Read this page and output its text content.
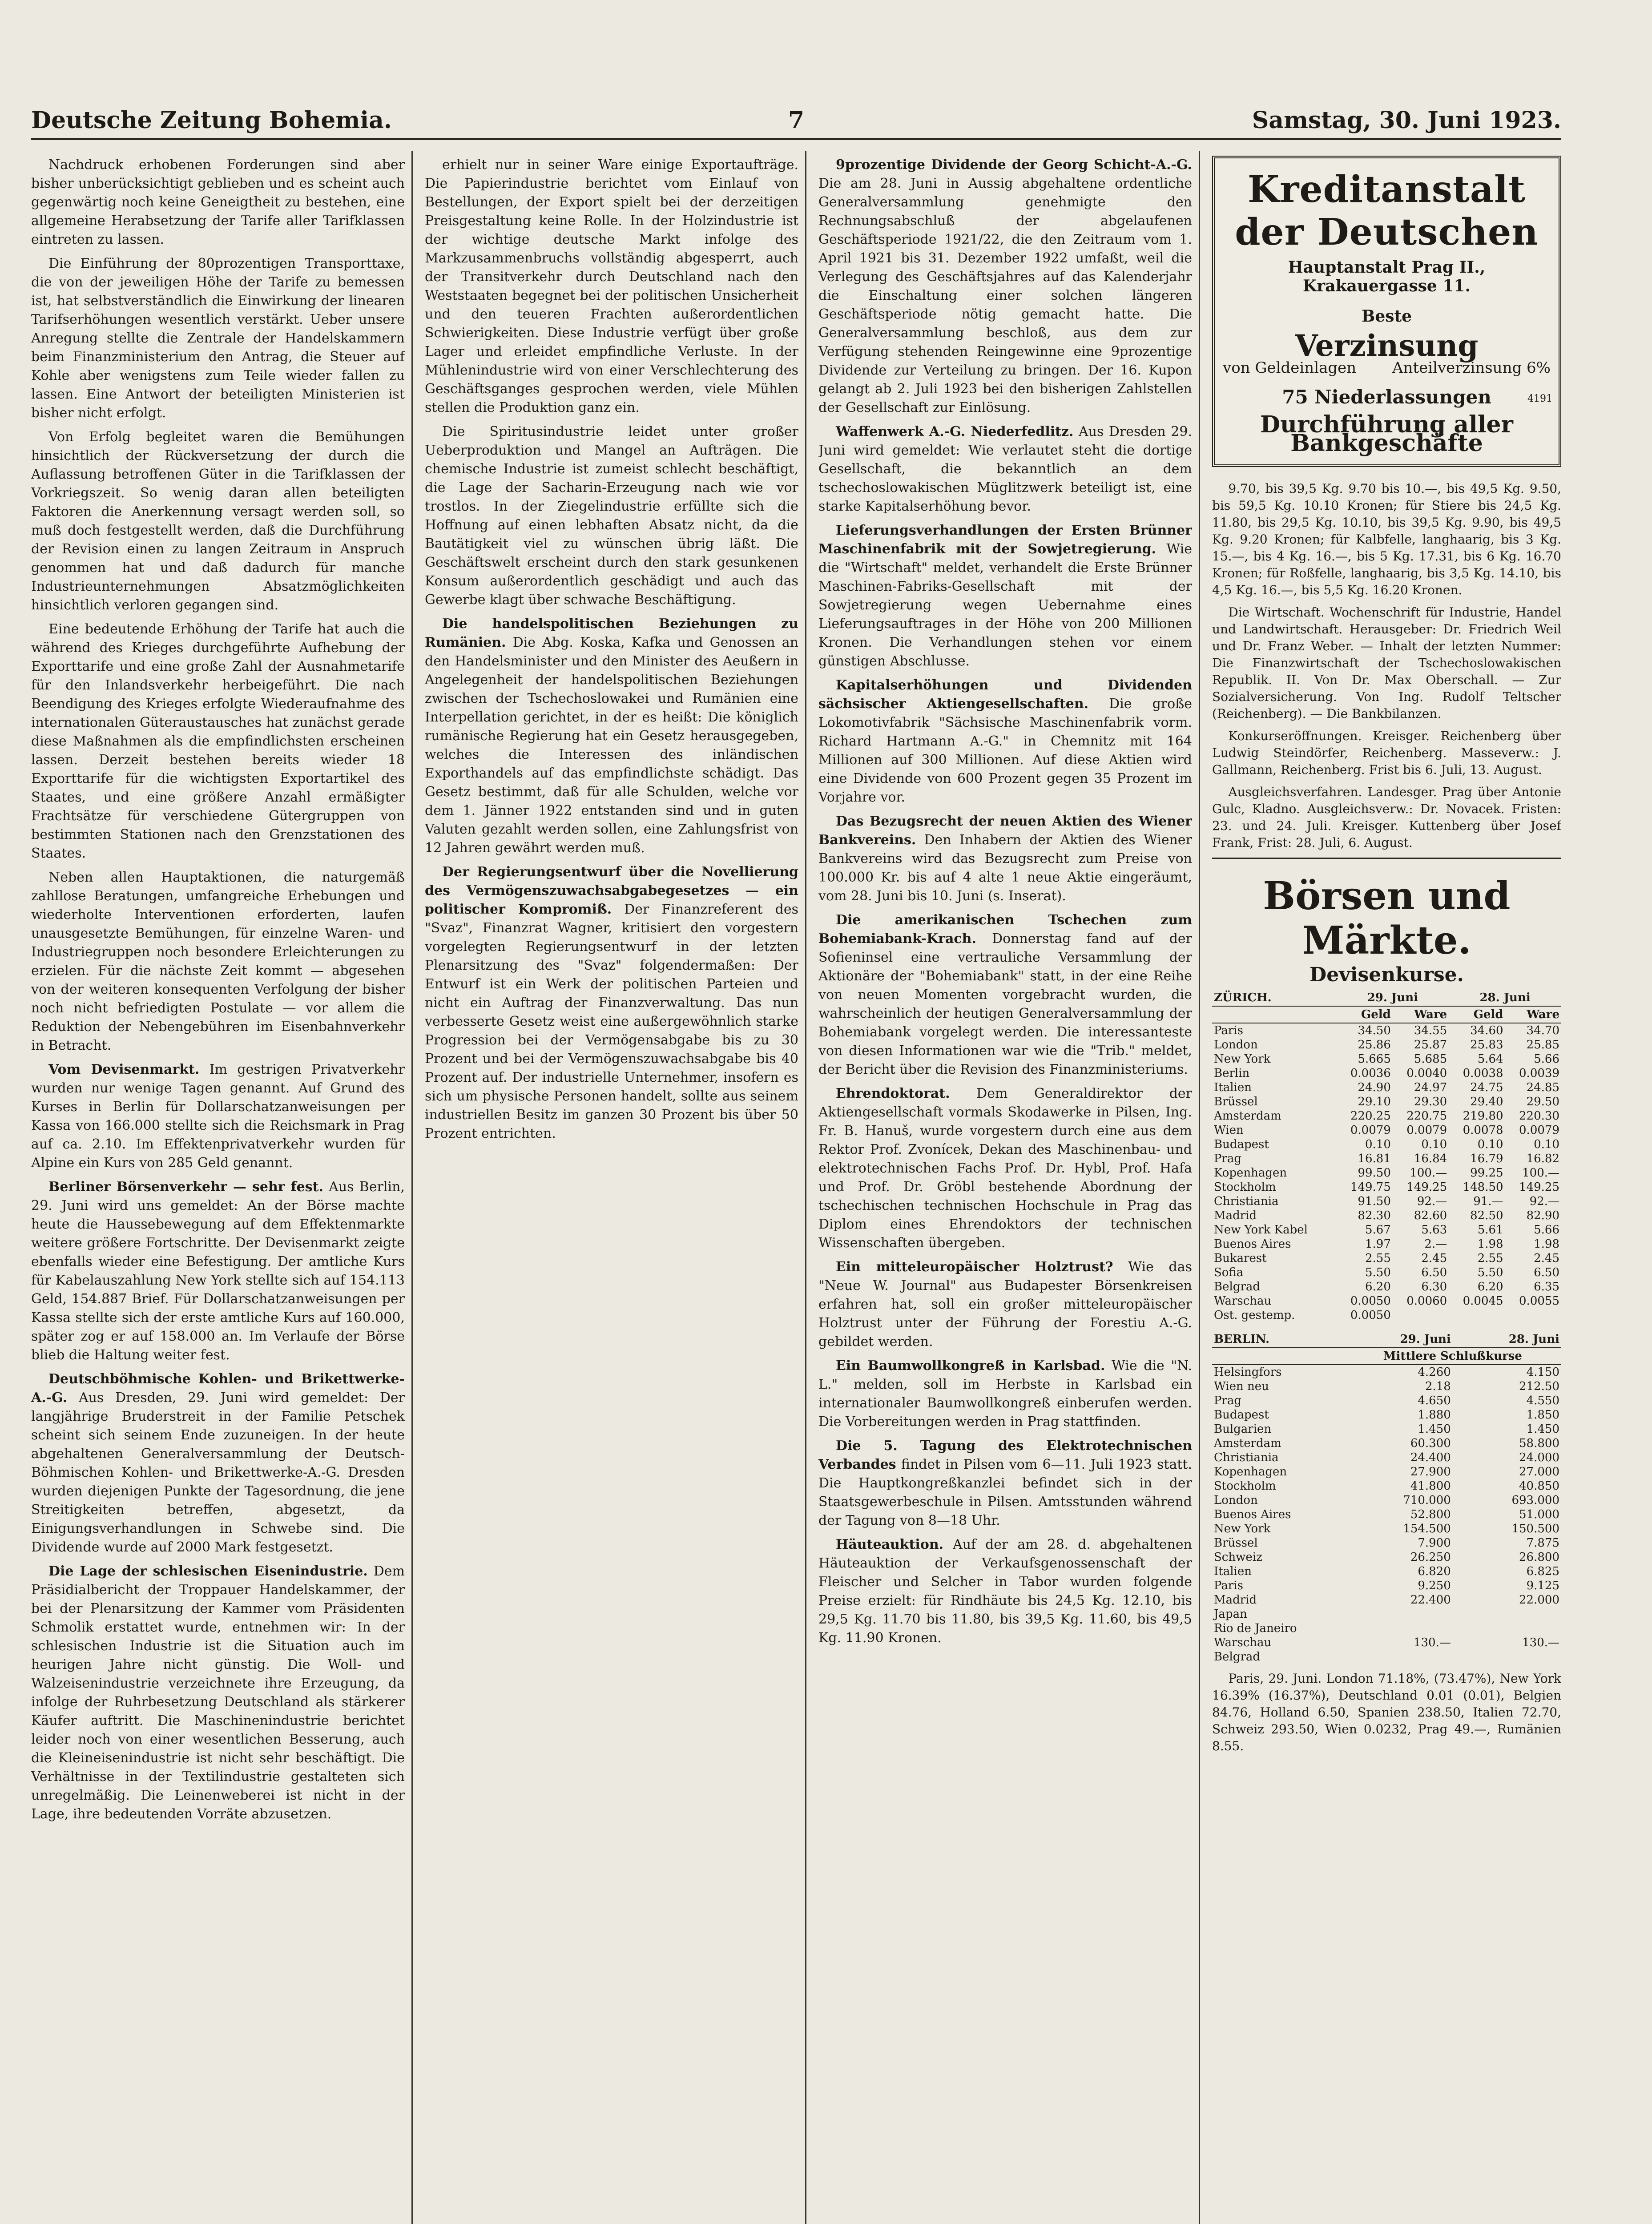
Deutsche Zeitung Bohemia.	7	Samstag, 30. Juni 1923.

Nachdruck erhobenen Forderungen sind aber bisher unberücksichtigt geblieben und es scheint auch gegenwärtig noch keine Geneigtheit zu bestehen, eine allgemeine Herabsetzung der Tarife aller Tarifklassen eintreten zu lassen.

Die Einführung der 80prozentigen Transporttaxe, die von der jeweiligen Höhe der Tarife zu bemessen ist, hat selbstverständlich die Einwirkung der linearen Tarifserhöhungen wesentlich verstärkt. Ueber unsere Anregung stellte die Zentrale der Handelskammern beim Finanzministerium den Antrag, die Steuer auf Kohle aber wenigstens zum Teile wieder fallen zu lassen. Eine Antwort der beteiligten Ministerien ist bisher nicht erfolgt.

Von Erfolg begleitet waren die Bemühungen hinsichtlich der Rückversetzung der durch die Auflassung betroffenen Güter in die Tarifklassen der Vorkriegszeit. So wenig daran allen beteiligten Faktoren die Anerkennung versagt werden soll, so muß doch festgestellt werden, daß die Durchführung der Revision einen zu langen Zeitraum in Anspruch genommen hat und daß dadurch für manche Industrieunternehmungen Absatzmöglichkeiten hinsichtlich verloren gegangen sind.

Eine bedeutende Erhöhung der Tarife hat auch die während des Krieges durchgeführte Aufhebung der Exporttarife und eine große Zahl der Ausnahmetarife für den Inlandsverkehr herbeigeführt. Die nach Beendigung des Krieges erfolgte Wiederaufnahme des internationalen Güteraustausches hat zunächst gerade diese Maßnahmen als die empfindlichsten erscheinen lassen. Derzeit bestehen bereits wieder 18 Exporttarife für die wichtigsten Exportartikel des Staates, und eine größere Anzahl ermäßigter Frachtsätze für verschiedene Gütergruppen von bestimmten Stationen nach den Grenzstationen des Staates.

Neben allen Hauptaktionen, die naturgemäß zahllose Beratungen, umfangreiche Erhebungen und wiederholte Interventionen erforderten, laufen unausgesetzte Bemühungen, für einzelne Waren- und Industriegruppen noch besondere Erleichterungen zu erzielen. Für die nächste Zeit kommt — abgesehen von der weiteren konsequenten Verfolgung der bisher noch nicht befriedigten Postulate — vor allem die Reduktion der Nebengebühren im Eisenbahnverkehr in Betracht.

Vom Devisenmarkt. Im gestrigen Privatverkehr wurden nur wenige Tagen genannt. Auf Grund des Kurses in Berlin für Dollarschatzanweisungen per Kassa von 166.000 stellte sich die Reichsmark in Prag auf ca. 2.10. Im Effektenprivatverkehr wurden für Alpine ein Kurs von 285 Geld genannt.

Berliner Börsenverkehr — sehr fest. Aus Berlin, 29. Juni wird uns gemeldet: An der Börse machte heute die Haussebewegung auf dem Effektenmarkte weitere größere Fortschritte. Der Devisenmarkt zeigte ebenfalls wieder eine Befestigung. Der amtliche Kurs für Kabelauszahlung New York stellte sich auf 154.113 Geld, 154.887 Brief. Für Dollarschatzanweisungen per Kassa stellte sich der erste amtliche Kurs auf 160.000, später zog er auf 158.000 an. Im Verlaufe der Börse blieb die Haltung weiter fest.

Deutschböhmische Kohlen- und Brikettwerke-A.-G. Aus Dresden, 29. Juni wird gemeldet: Der langjährige Bruderstreit in der Familie Petschek scheint sich seinem Ende zuzuneigen. In der heute abgehaltenen Generalversammlung der Deutsch-Böhmischen Kohlen- und Brikettwerke-A.-G. Dresden wurden diejenigen Punkte der Tagesordnung, die jene Streitigkeiten betreffen, abgesetzt, da Einigungsverhandlungen in Schwebe sind. Die Dividende wurde auf 2000 Mark festgesetzt.

Die Lage der schlesischen Eisenindustrie. Dem Präsidialbericht der Troppauer Handelskammer, der bei der Plenarsitzung der Kammer vom Präsidenten Schmolik erstattet wurde, entnehmen wir: In der schlesischen Industrie ist die Situation auch im heurigen Jahre nicht günstig. Die Woll- und Walzeisenindustrie verzeichnete ihre Erzeugung, da infolge der Ruhrbesetzung Deutschland als stärkerer Käufer auftritt. Die Maschinenindustrie berichtet leider noch von einer wesentlichen Besserung, auch die Kleineisenindustrie ist nicht sehr beschäftigt. Die Verhältnisse in der Textilindustrie gestalteten sich unregelmäßig. Die Leinenweberei ist nicht in der Lage, ihre bedeutenden Vorräte abzusetzen.

erhielt nur in seiner Ware einige Exportaufträge. Die Papierindustrie berichtet vom Einlauf von Bestellungen, der Export spielt bei der derzeitigen Preisgestaltung keine Rolle. In der Holzindustrie ist der wichtige deutsche Markt infolge des Markzusammenbruchs vollständig abgesperrt, auch der Transitverkehr durch Deutschland nach den Weststaaten begegnet bei der politischen Unsicherheit und den teueren Frachten außerordentlichen Schwierigkeiten. Diese Industrie verfügt über große Lager und erleidet empfindliche Verluste. In der Mühlenindustrie wird von einer Verschlechterung des Geschäftsganges gesprochen werden, viele Mühlen stellen die Produktion ganz ein.

Die Spiritusindustrie leidet unter großer Ueberproduktion und Mangel an Aufträgen. Die chemische Industrie ist zumeist schlecht beschäftigt, die Lage der Sacharin-Erzeugung nach wie vor trostlos. In der Ziegelindustrie erfüllte sich die Hoffnung auf einen lebhaften Absatz nicht, da die Bautätigkeit viel zu wünschen übrig läßt. Die Geschäftswelt erscheint durch den stark gesunkenen Konsum außerordentlich geschädigt und auch das Gewerbe klagt über schwache Beschäftigung.

Die handelspolitischen Beziehungen zu Rumänien. Die Abg. Koska, Kafka und Genossen an den Handelsminister und den Minister des Aeußern in Angelegenheit der handelspolitischen Beziehungen zwischen der Tschechoslowakei und Rumänien eine Interpellation gerichtet, in der es heißt: Die königlich rumänische Regierung hat ein Gesetz herausgegeben, welches die Interessen des inländischen Exporthandels auf das empfindlichste schädigt. Das Gesetz bestimmt, daß für alle Schulden, welche vor dem 1. Jänner 1922 entstanden sind und in guten Valuten gezahlt werden sollen, eine Zahlungsfrist von 12 Jahren gewährt werden muß.

Der Regierungsentwurf über die Novellierung des Vermögenszuwachsabgabegesetzes — ein politischer Kompromiß. Der Finanzreferent des "Svaz", Finanzrat Wagner, kritisiert den vorgestern vorgelegten Regierungsentwurf in der letzten Plenarsitzung des "Svaz" folgendermaßen: Der Entwurf ist ein Werk der politischen Parteien und nicht ein Auftrag der Finanzverwaltung. Das nun verbesserte Gesetz weist eine außergewöhnlich starke Progression bei der Vermögensabgabe bis zu 30 Prozent und bei der Vermögenszuwachsabgabe bis 40 Prozent auf. Der industrielle Unternehmer, insofern es sich um physische Personen handelt, sollte aus seinem industriellen Besitz im ganzen 30 Prozent bis über 50 Prozent entrichten.

9prozentige Dividende der Georg Schicht-A.-G. Die am 28. Juni in Aussig abgehaltene ordentliche Generalversammlung genehmigte den Rechnungsabschluß der abgelaufenen Geschäftsperiode 1921/22, die den Zeitraum vom 1. April 1921 bis 31. Dezember 1922 umfaßt, weil die Verlegung des Geschäftsjahres auf das Kalenderjahr die Einschaltung einer solchen längeren Geschäftsperiode nötig gemacht hatte. Die Generalversammlung beschloß, aus dem zur Verfügung stehenden Reingewinne eine 9prozentige Dividende zur Verteilung zu bringen. Der 16. Kupon gelangt ab 2. Juli 1923 bei den bisherigen Zahlstellen der Gesellschaft zur Einlösung.

Waffenwerk A.-G. Niederfedlitz. Aus Dresden 29. Juni wird gemeldet: Wie verlautet steht die dortige Gesellschaft, die bekanntlich an dem tschechoslowakischen Müglitzwerk beteiligt ist, eine starke Kapitalserhöhung bevor.

Lieferungsverhandlungen der Ersten Brünner Maschinenfabrik mit der Sowjetregierung. Wie die "Wirtschaft" meldet, verhandelt die Erste Brünner Maschinen-Fabriks-Gesellschaft mit der Sowjetregierung wegen Uebernahme eines Lieferungsauftrages in der Höhe von 200 Millionen Kronen. Die Verhandlungen stehen vor einem günstigen Abschlusse.

Kapitalserhöhungen und Dividenden sächsischer Aktiengesellschaften. Die große Lokomotivfabrik "Sächsische Maschinenfabrik vorm. Richard Hartmann A.-G." in Chemnitz mit 164 Millionen auf 300 Millionen. Auf diese Aktien wird eine Dividende von 600 Prozent gegen 35 Prozent im Vorjahre vor.

Das Bezugsrecht der neuen Aktien des Wiener Bankvereins. Den Inhabern der Aktien des Wiener Bankvereins wird das Bezugsrecht zum Preise von 100.000 Kr. bis auf 4 alte 1 neue Aktie eingeräumt, vom 28. Juni bis 10. Juni (s. Inserat).

Die amerikanischen Tschechen zum Bohemiabank-Krach. Donnerstag fand auf der Sofieninsel eine vertrauliche Versammlung der Aktionäre der "Bohemiabank" statt, in der eine Reihe von neuen Momenten vorgebracht wurden, die wahrscheinlich der heutigen Generalversammlung der Bohemiabank vorgelegt werden. Die interessanteste von diesen Informationen war wie die "Trib." meldet, der Bericht über die Revision des Finanzministeriums.

Ehrendoktorat. Dem Generaldirektor der Aktiengesellschaft vormals Skodawerke in Pilsen, Ing. Fr. B. Hanuš, wurde vorgestern durch eine aus dem Rektor Prof. Zvonícek, Dekan des Maschinenbau- und elektrotechnischen Fachs Prof. Dr. Hybl, Prof. Hafa und Prof. Dr. Gröbl bestehende Abordnung der tschechischen technischen Hochschule in Prag das Diplom eines Ehrendoktors der technischen Wissenschaften übergeben.

Ein mitteleuropäischer Holztrust? Wie das "Neue W. Journal" aus Budapester Börsenkreisen erfahren hat, soll ein großer mitteleuropäischer Holztrust unter der Führung der Forestiu A.-G. gebildet werden.

Ein Baumwollkongreß in Karlsbad. Wie die "N. L." melden, soll im Herbste in Karlsbad ein internationaler Baumwollkongreß einberufen werden. Die Vorbereitungen werden in Prag stattfinden.

Die 5. Tagung des Elektrotechnischen Verbandes findet in Pilsen vom 6—11. Juli 1923 statt. Die Hauptkongreßkanzlei befindet sich in der Staatsgewerbeschule in Pilsen. Amtsstunden während der Tagung von 8—18 Uhr.

Häuteauktion. Auf der am 28. d. abgehaltenen Häuteauktion der Verkaufsgenossenschaft der Fleischer und Selcher in Tabor wurden folgende Preise erzielt: für Rindhäute bis 24,5 Kg. 12.10, bis 29,5 Kg. 11.70 bis 11.80, bis 39,5 Kg. 11.60, bis 49,5 Kg. 11.90 Kronen.

Kreditanstalt der Deutschen
Hauptanstalt Prag II., Krakauergasse 11.
Beste
Verzinsung
von Geldeinlagen Anteilverzinsung 6%
75 Niederlassungen
Durchführung aller Bankgeschäfte
4191

9.70, bis 39,5 Kg. 9.70 bis 10.—, bis 49,5 Kg. 9.50, bis 59,5 Kg. 10.10 Kronen; für Stiere bis 24,5 Kg. 11.80, bis 29,5 Kg. 10.10, bis 39,5 Kg. 9.90, bis 49,5 Kg. 9.20 Kronen; für Kalbfelle, langhaarig, bis 3 Kg. 15.—, bis 4 Kg. 16.—, bis 5 Kg. 17.31, bis 6 Kg. 16.70 Kronen; für Roßfelle, langhaarig, bis 3,5 Kg. 14.10, bis 4,5 Kg. 16.—, bis 5,5 Kg. 16.20 Kronen.

Die Wirtschaft. Wochenschrift für Industrie, Handel und Landwirtschaft. Herausgeber: Dr. Friedrich Weil und Dr. Franz Weber. — Inhalt der letzten Nummer: Die Finanzwirtschaft der Tschechoslowakischen Republik. II. Von Dr. Max Oberschall. — Zur Sozialversicherung. Von Ing. Rudolf Teltscher (Reichenberg). — Die Bankbilanzen.

Konkurseröffnungen. Kreisger. Reichenberg über Ludwig Steindörfer, Reichenberg. Masseverw.: J. Gallmann, Reichenberg. Frist bis 6. Juli, 13. August.

Ausgleichsverfahren. Landesger. Prag über Antonie Gulc, Kladno. Ausgleichsverw.: Dr. Novacek. Fristen: 23. und 24. Juli. Kreisger. Kuttenberg über Josef Frank, Frist: 28. Juli, 6. August.

Börsen und Märkte.
Devisenkurse.
ZÜRICH.	29. Juni		28. Juni	
	Geld	Ware	Geld	Ware
Paris	34.50	34.55	34.60	34.70
London	25.86	25.87	25.83	25.85
New York	5.665	5.685	5.64	5.66
Berlin	0.0036	0.0040	0.0038	0.0039
Italien	24.90	24.97	24.75	24.85
Brüssel	29.10	29.30	29.40	29.50
Amsterdam	220.25	220.75	219.80	220.30
Wien	0.0079	0.0079	0.0078	0.0079
Budapest	0.10	0.10	0.10	0.10
Prag	16.81	16.84	16.79	16.82
Kopenhagen	99.50	100.—	99.25	100.—
Stockholm	149.75	149.25	148.50	149.25
Christiania	91.50	92.—	91.—	92.—
Madrid	82.30	82.60	82.50	82.90
New York Kabel	5.67	5.63	5.61	5.66
Buenos Aires	1.97	2.—	1.98	1.98
Bukarest	2.55	2.45	2.55	2.45
Sofia	5.50	6.50	5.50	6.50
Belgrad	6.20	6.30	6.20	6.35
Warschau	0.0050	0.0060	0.0045	0.0055
Ost. gestemp.	0.0050			
BERLIN.	29. Juni	28. Juni
	Mittlere Schlußkurse	
Helsingfors	4.260	4.150
Wien neu	2.18	212.50
Prag	4.650	4.550
Budapest	1.880	1.850
Bulgarien	1.450	1.450
Amsterdam	60.300	58.800
Christiania	24.400	24.000
Kopenhagen	27.900	27.000
Stockholm	41.800	40.850
London	710.000	693.000
Buenos Aires	52.800	51.000
New York	154.500	150.500
Brüssel	7.900	7.875
Schweiz	26.250	26.800
Italien	6.820	6.825
Paris	9.250	9.125
Madrid	22.400	22.000
Japan		
Rio de Janeiro		
Warschau	130.—	130.—
Belgrad		

Paris, 29. Juni. London 71.18%, (73.47%), New York 16.39% (16.37%), Deutschland 0.01 (0.01), Belgien 84.76, Holland 6.50, Spanien 238.50, Italien 72.70, Schweiz 293.50, Wien 0.0232, Prag 49.—, Rumänien 8.55.
